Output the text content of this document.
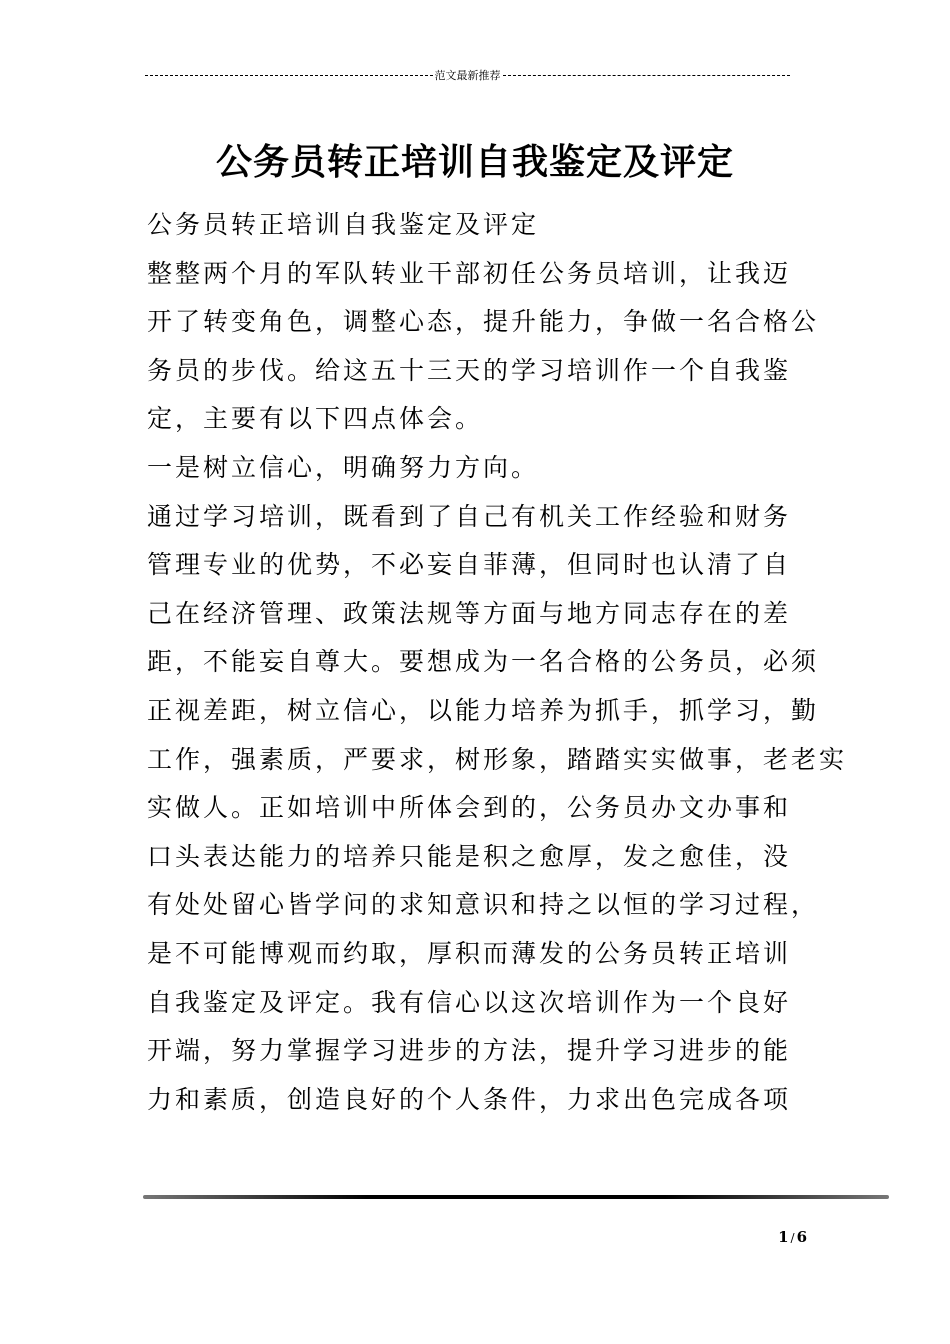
范文最新推荐
公务员转正培训自我鉴定及评定
公务员转正培训自我鉴定及评定
整整两个月的军队转业干部初任公务员培训，让我迈
开了转变角色，调整心态，提升能力，争做一名合格公
务员的步伐。给这五十三天的学习培训作一个自我鉴
定，主要有以下四点体会。
一是树立信心，明确努力方向。
通过学习培训，既看到了自己有机关工作经验和财务
管理专业的优势，不必妄自菲薄，但同时也认清了自
己在经济管理、政策法规等方面与地方同志存在的差
距，不能妄自尊大。要想成为一名合格的公务员，必须
正视差距，树立信心，以能力培养为抓手，抓学习，勤
工作，强素质，严要求，树形象，踏踏实实做事，老老实
实做人。正如培训中所体会到的，公务员办文办事和
口头表达能力的培养只能是积之愈厚，发之愈佳，没
有处处留心皆学问的求知意识和持之以恒的学习过程，
是不可能博观而约取，厚积而薄发的公务员转正培训
自我鉴定及评定。我有信心以这次培训作为一个良好
开端，努力掌握学习进步的方法，提升学习进步的能
力和素质，创造良好的个人条件，力求出色完成各项
1 / 6
